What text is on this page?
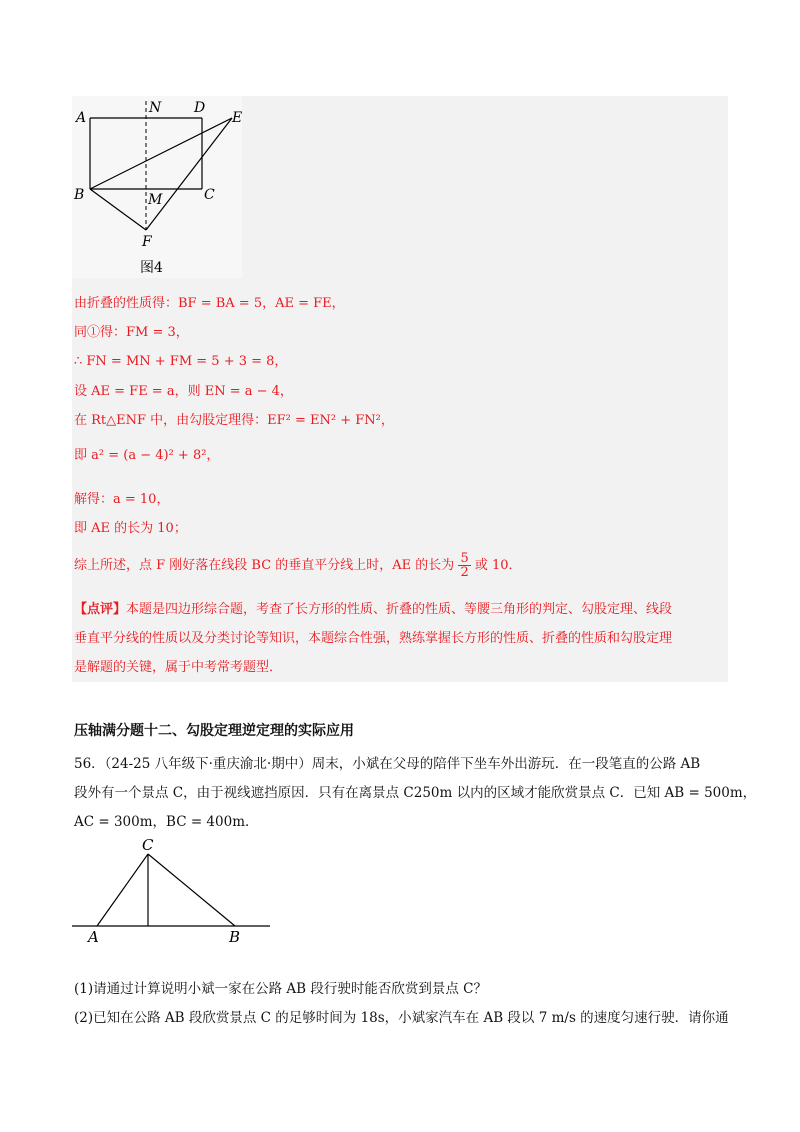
A
N D
E
B	M	C
F
图4
由折叠的性质得：BF = BA = 5，AE = FE，
同①得：FM = 3，
∴ FN = MN + FM = 5 + 3 = 8，
设 AE = FE = a，则 EN = a − 4，
在 Rt△ENF 中，由勾股定理得：EF² = EN² + FN²，
即 a² = (a − 4)² + 8²，
解得：a = 10，
即 AE 的长为 10；
综上所述，点 F 刚好落在线段 BC 的垂直平分线上时，AE 的长为 $\frac{5}{2}$ 或 10．
【点评】本题是四边形综合题，考查了长方形的性质、折叠的性质、等腰三角形的判定、勾股定理、线段
垂直平分线的性质以及分类讨论等知识，本题综合性强，熟练掌握长方形的性质、折叠的性质和勾股定理
是解题的关键，属于中考常考题型．
压轴满分题十二、勾股定理逆定理的实际应用
56．（24-25 八年级下·重庆渝北·期中）周末，小斌在父母的陪伴下坐车外出游玩．在一段笔直的公路 AB
段外有一个景点 C，由于视线遮挡原因．只有在离景点 C250m 以内的区域才能欣赏景点 C．已知 AB = 500m，
AC = 300m，BC = 400m．
C
A	B
(1)请通过计算说明小斌一家在公路 AB 段行驶时能否欣赏到景点 C？
(2)已知在公路 AB 段欣赏景点 C 的足够时间为 18s，小斌家汽车在 AB 段以 7 m/s 的速度匀速行驶．请你通
